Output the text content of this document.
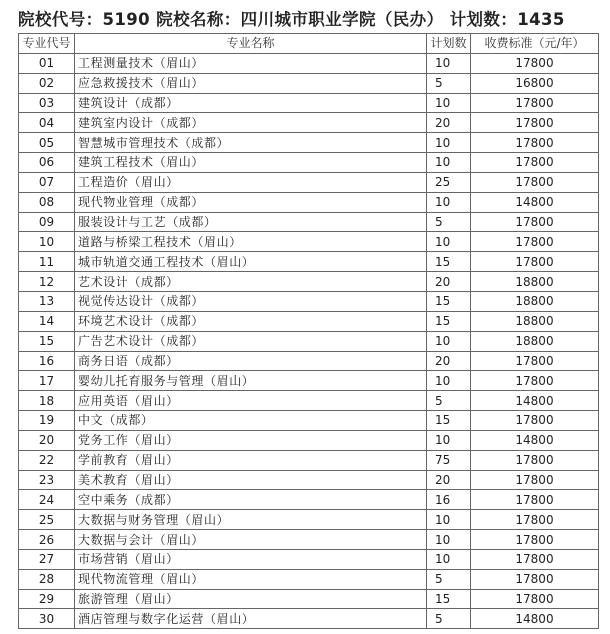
院校代号：5190 院校名称：四川城市职业学院（民办） 计划数：1435
专业代号	专业名称	计划数	收费标准（元/年）
01	工程测量技术（眉山）	10	17800
02	应急救援技术（眉山）	5	16800
03	建筑设计（成都）	10	17800
04	建筑室内设计（成都）	20	17800
05	智慧城市管理技术（成都）	10	17800
06	建筑工程技术（眉山）	10	17800
07	工程造价（眉山）	25	17800
08	现代物业管理（成都）	10	14800
09	服装设计与工艺（成都）	5	17800
10	道路与桥梁工程技术（眉山）	10	17800
11	城市轨道交通工程技术（眉山）	15	17800
12	艺术设计（成都）	20	18800
13	视觉传达设计（成都）	15	18800
14	环境艺术设计（成都）	15	18800
15	广告艺术设计（成都）	10	18800
16	商务日语（成都）	20	17800
17	婴幼儿托育服务与管理（眉山）	10	17800
18	应用英语（眉山）	5	14800
19	中文（成都）	15	17800
20	党务工作（眉山）	10	14800
22	学前教育（眉山）	75	17800
23	美术教育（眉山）	20	17800
24	空中乘务（成都）	16	17800
25	大数据与财务管理（眉山）	10	17800
26	大数据与会计（眉山）	10	17800
27	市场营销（眉山）	10	17800
28	现代物流管理（眉山）	5	17800
29	旅游管理（眉山）	15	17800
30	酒店管理与数字化运营（眉山）	5	14800
